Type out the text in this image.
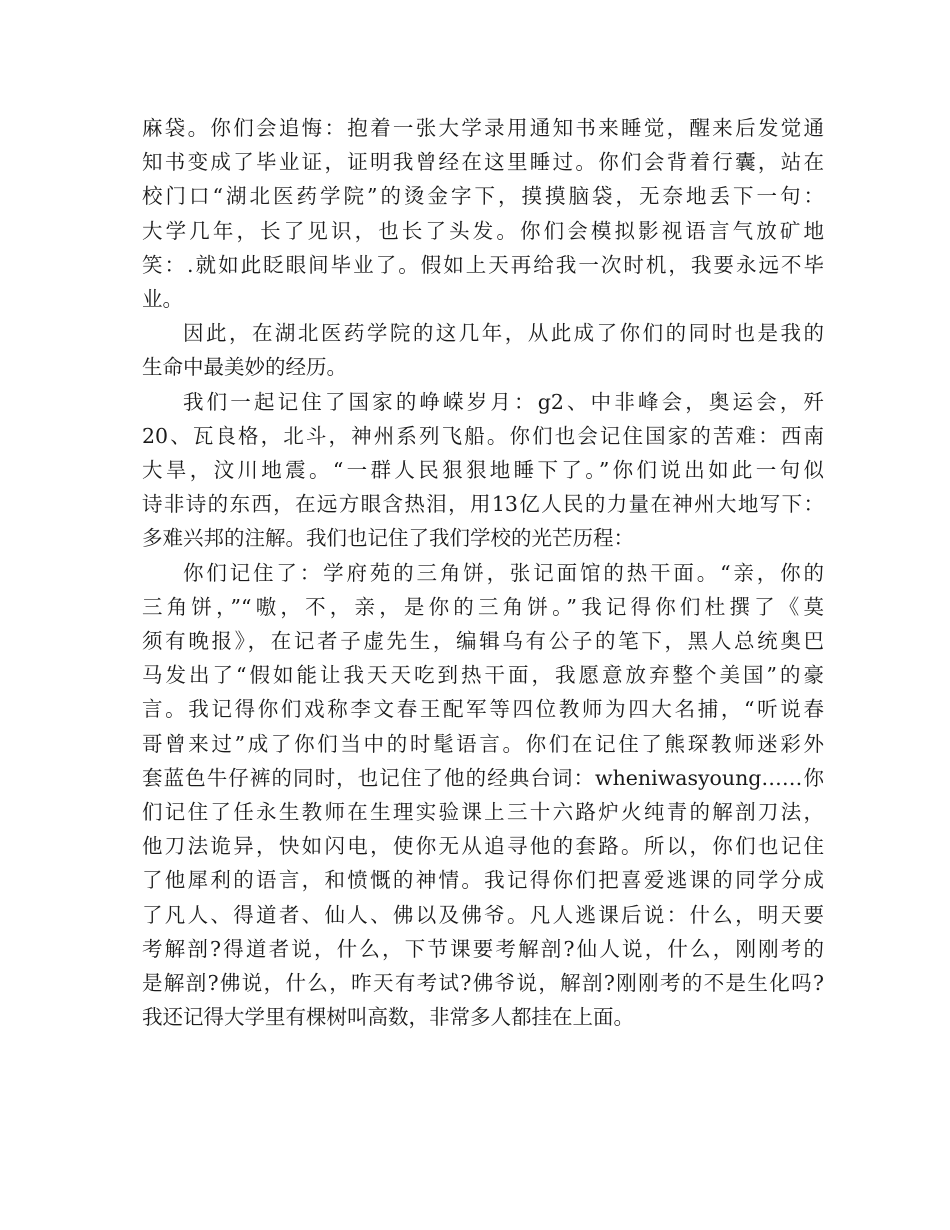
麻袋。你们会追悔：抱着一张大学录用通知书来睡觉，醒来后发觉通
知书变成了毕业证，证明我曾经在这里睡过。你们会背着行囊，站在
校门口“湖北医药学院”的烫金字下，摸摸脑袋，无奈地丢下一句：
大学几年，长了见识，也长了头发。你们会模拟影视语言气放矿地
笑：.就如此眨眼间毕业了。假如上天再给我一次时机，我要永远不毕
业。
因此，在湖北医药学院的这几年，从此成了你们的同时也是我的
生命中最美妙的经历。
我们一起记住了国家的峥嵘岁月：g2、中非峰会，奥运会，歼
20、瓦良格，北斗，神州系列飞船。你们也会记住国家的苦难：西南
大旱，汶川地震。“一群人民狠狠地睡下了。”你们说出如此一句似
诗非诗的东西，在远方眼含热泪，用13亿人民的力量在神州大地写下：
多难兴邦的注解。我们也记住了我们学校的光芒历程：
你们记住了：学府苑的三角饼，张记面馆的热干面。“亲，你的
三角饼，”“嗷，不，亲，是你的三角饼。”我记得你们杜撰了《莫
须有晚报》，在记者子虚先生，编辑乌有公子的笔下，黑人总统奥巴
马发出了“假如能让我天天吃到热干面，我愿意放弃整个美国”的豪
言。我记得你们戏称李文春王配军等四位教师为四大名捕，“听说春
哥曾来过”成了你们当中的时髦语言。你们在记住了熊琛教师迷彩外
套蓝色牛仔裤的同时，也记住了他的经典台词：wheniwasyoung……你
们记住了任永生教师在生理实验课上三十六路炉火纯青的解剖刀法，
他刀法诡异，快如闪电，使你无从追寻他的套路。所以，你们也记住
了他犀利的语言，和愤慨的神情。我记得你们把喜爱逃课的同学分成
了凡人、得道者、仙人、佛以及佛爷。凡人逃课后说：什么，明天要
考解剖?得道者说，什么，下节课要考解剖?仙人说，什么，刚刚考的
是解剖?佛说，什么，昨天有考试?佛爷说，解剖?刚刚考的不是生化吗?
我还记得大学里有棵树叫高数，非常多人都挂在上面。
